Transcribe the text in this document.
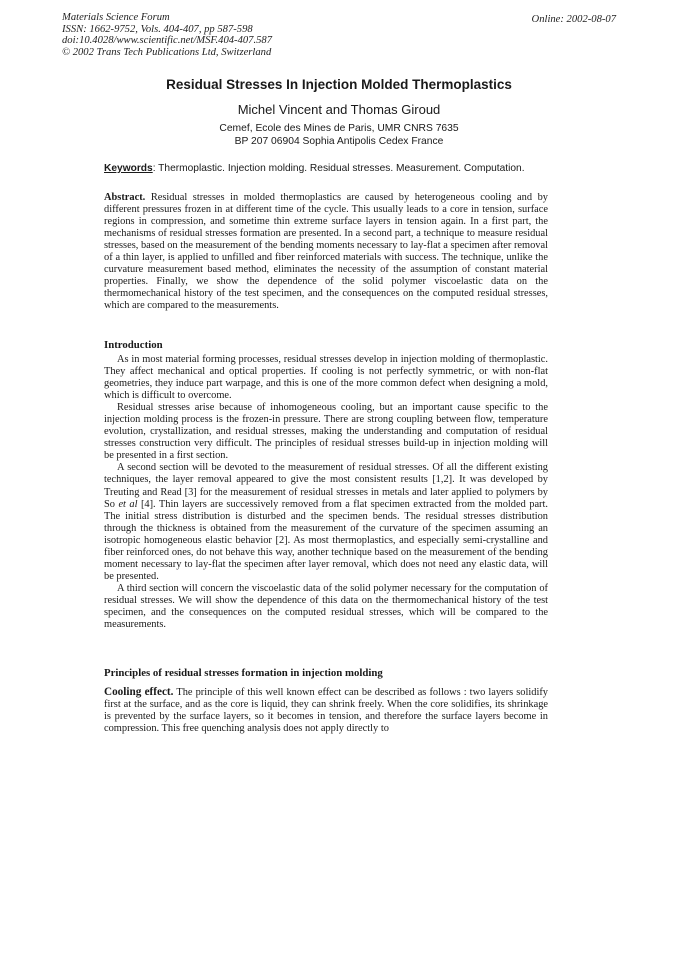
Materials Science Forum
ISSN: 1662-9752, Vols. 404-407, pp 587-598
doi:10.4028/www.scientific.net/MSF.404-407.587
© 2002 Trans Tech Publications Ltd, Switzerland
Online: 2002-08-07
Residual Stresses In Injection Molded Thermoplastics
Michel Vincent and Thomas Giroud
Cemef, Ecole des Mines de Paris, UMR CNRS 7635
BP 207 06904 Sophia Antipolis Cedex France
Keywords: Thermoplastic. Injection molding. Residual stresses. Measurement. Computation.
Abstract. Residual stresses in molded thermoplastics are caused by heterogeneous cooling and by different pressures frozen in at different time of the cycle. This usually leads to a core in tension, surface regions in compression, and sometime thin extreme surface layers in tension again. In a first part, the mechanisms of residual stresses formation are presented. In a second part, a technique to measure residual stresses, based on the measurement of the bending moments necessary to lay-flat a specimen after removal of a thin layer, is applied to unfilled and fiber reinforced materials with success. The technique, unlike the curvature measurement based method, eliminates the necessity of the assumption of constant material properties. Finally, we show the dependence of the solid polymer viscoelastic data on the thermomechanical history of the test specimen, and the consequences on the computed residual stresses, which are compared to the measurements.
Introduction

As in most material forming processes, residual stresses develop in injection molding of thermoplastic. They affect mechanical and optical properties. If cooling is not perfectly symmetric, or with non-flat geometries, they induce part warpage, and this is one of the more common defect when designing a mold, which is difficult to overcome.

Residual stresses arise because of inhomogeneous cooling, but an important cause specific to the injection molding process is the frozen-in pressure. There are strong coupling between flow, temperature evolution, crystallization, and residual stresses, making the understanding and computation of residual stresses construction very difficult. The principles of residual stresses build-up in injection molding will be presented in a first section.

A second section will be devoted to the measurement of residual stresses. Of all the different existing techniques, the layer removal appeared to give the most consistent results [1,2]. It was developed by Treuting and Read [3] for the measurement of residual stresses in metals and later applied to polymers by So et al [4]. Thin layers are successively removed from a flat specimen extracted from the molded part. The initial stress distribution is disturbed and the specimen bends. The residual stresses distribution through the thickness is obtained from the measurement of the curvature of the specimen assuming an isotropic homogeneous elastic behavior [2]. As most thermoplastics, and especially semi-crystalline and fiber reinforced ones, do not behave this way, another technique based on the measurement of the bending moment necessary to lay-flat the specimen after layer removal, which does not need any elastic data, will be presented.

A third section will concern the viscoelastic data of the solid polymer necessary for the computation of residual stresses. We will show the dependence of this data on the thermomechanical history of the test specimen, and the consequences on the computed residual stresses, which will be compared to the measurements.

Principles of residual stresses formation in injection molding
Cooling effect. The principle of this well known effect can be described as follows : two layers solidify first at the surface, and as the core is liquid, they can shrink freely. When the core solidifies, its shrinkage is prevented by the surface layers, so it becomes in tension, and therefore the surface layers become in compression. This free quenching analysis does not apply directly to
